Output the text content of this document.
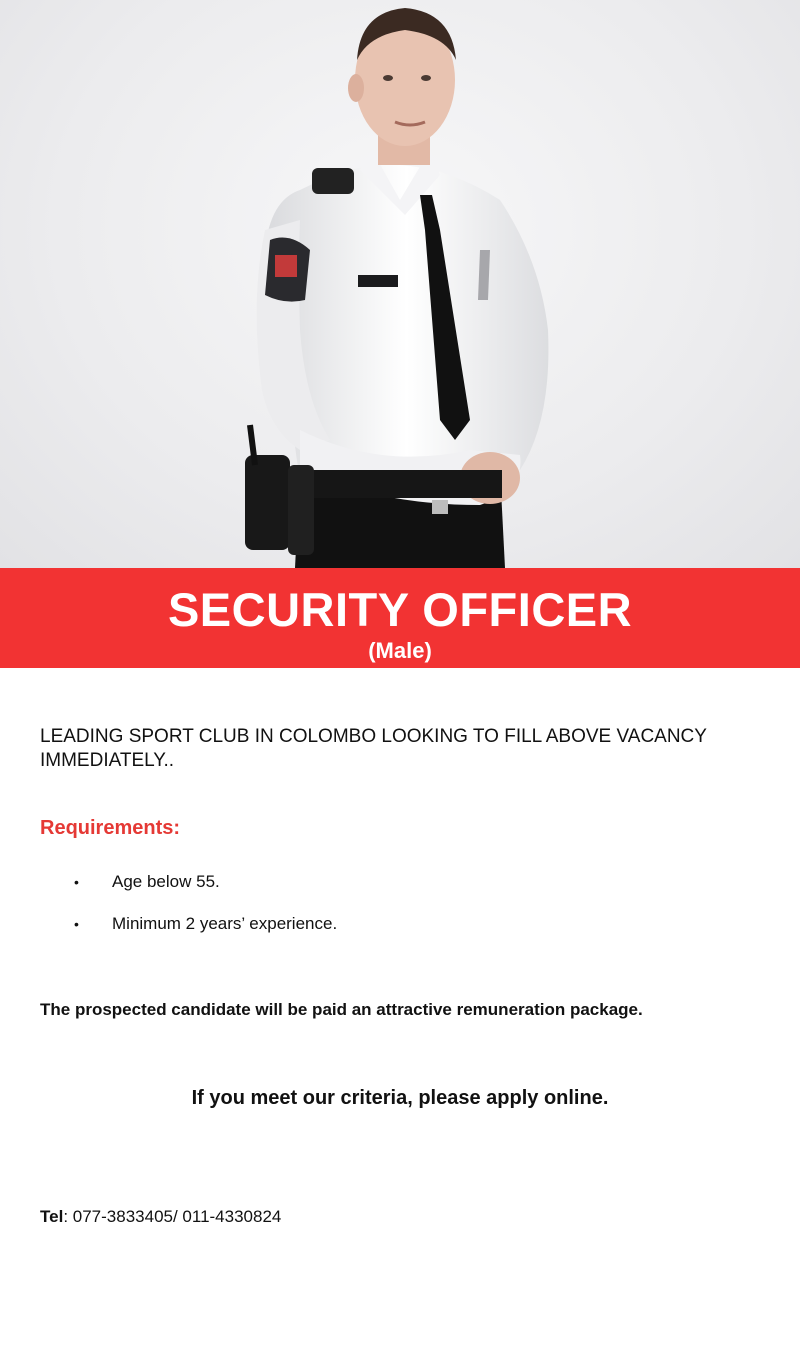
SECURITY OFFICER
(Male)
LEADING SPORT CLUB IN COLOMBO LOOKING TO FILL ABOVE VACANCY IMMEDIATELY..
Requirements:
• Age below 55.
• Minimum 2 years’ experience.
The prospected candidate will be paid an attractive remuneration package.
If you meet our criteria, please apply online.
Tel: 077-3833405/ 011-4330824
